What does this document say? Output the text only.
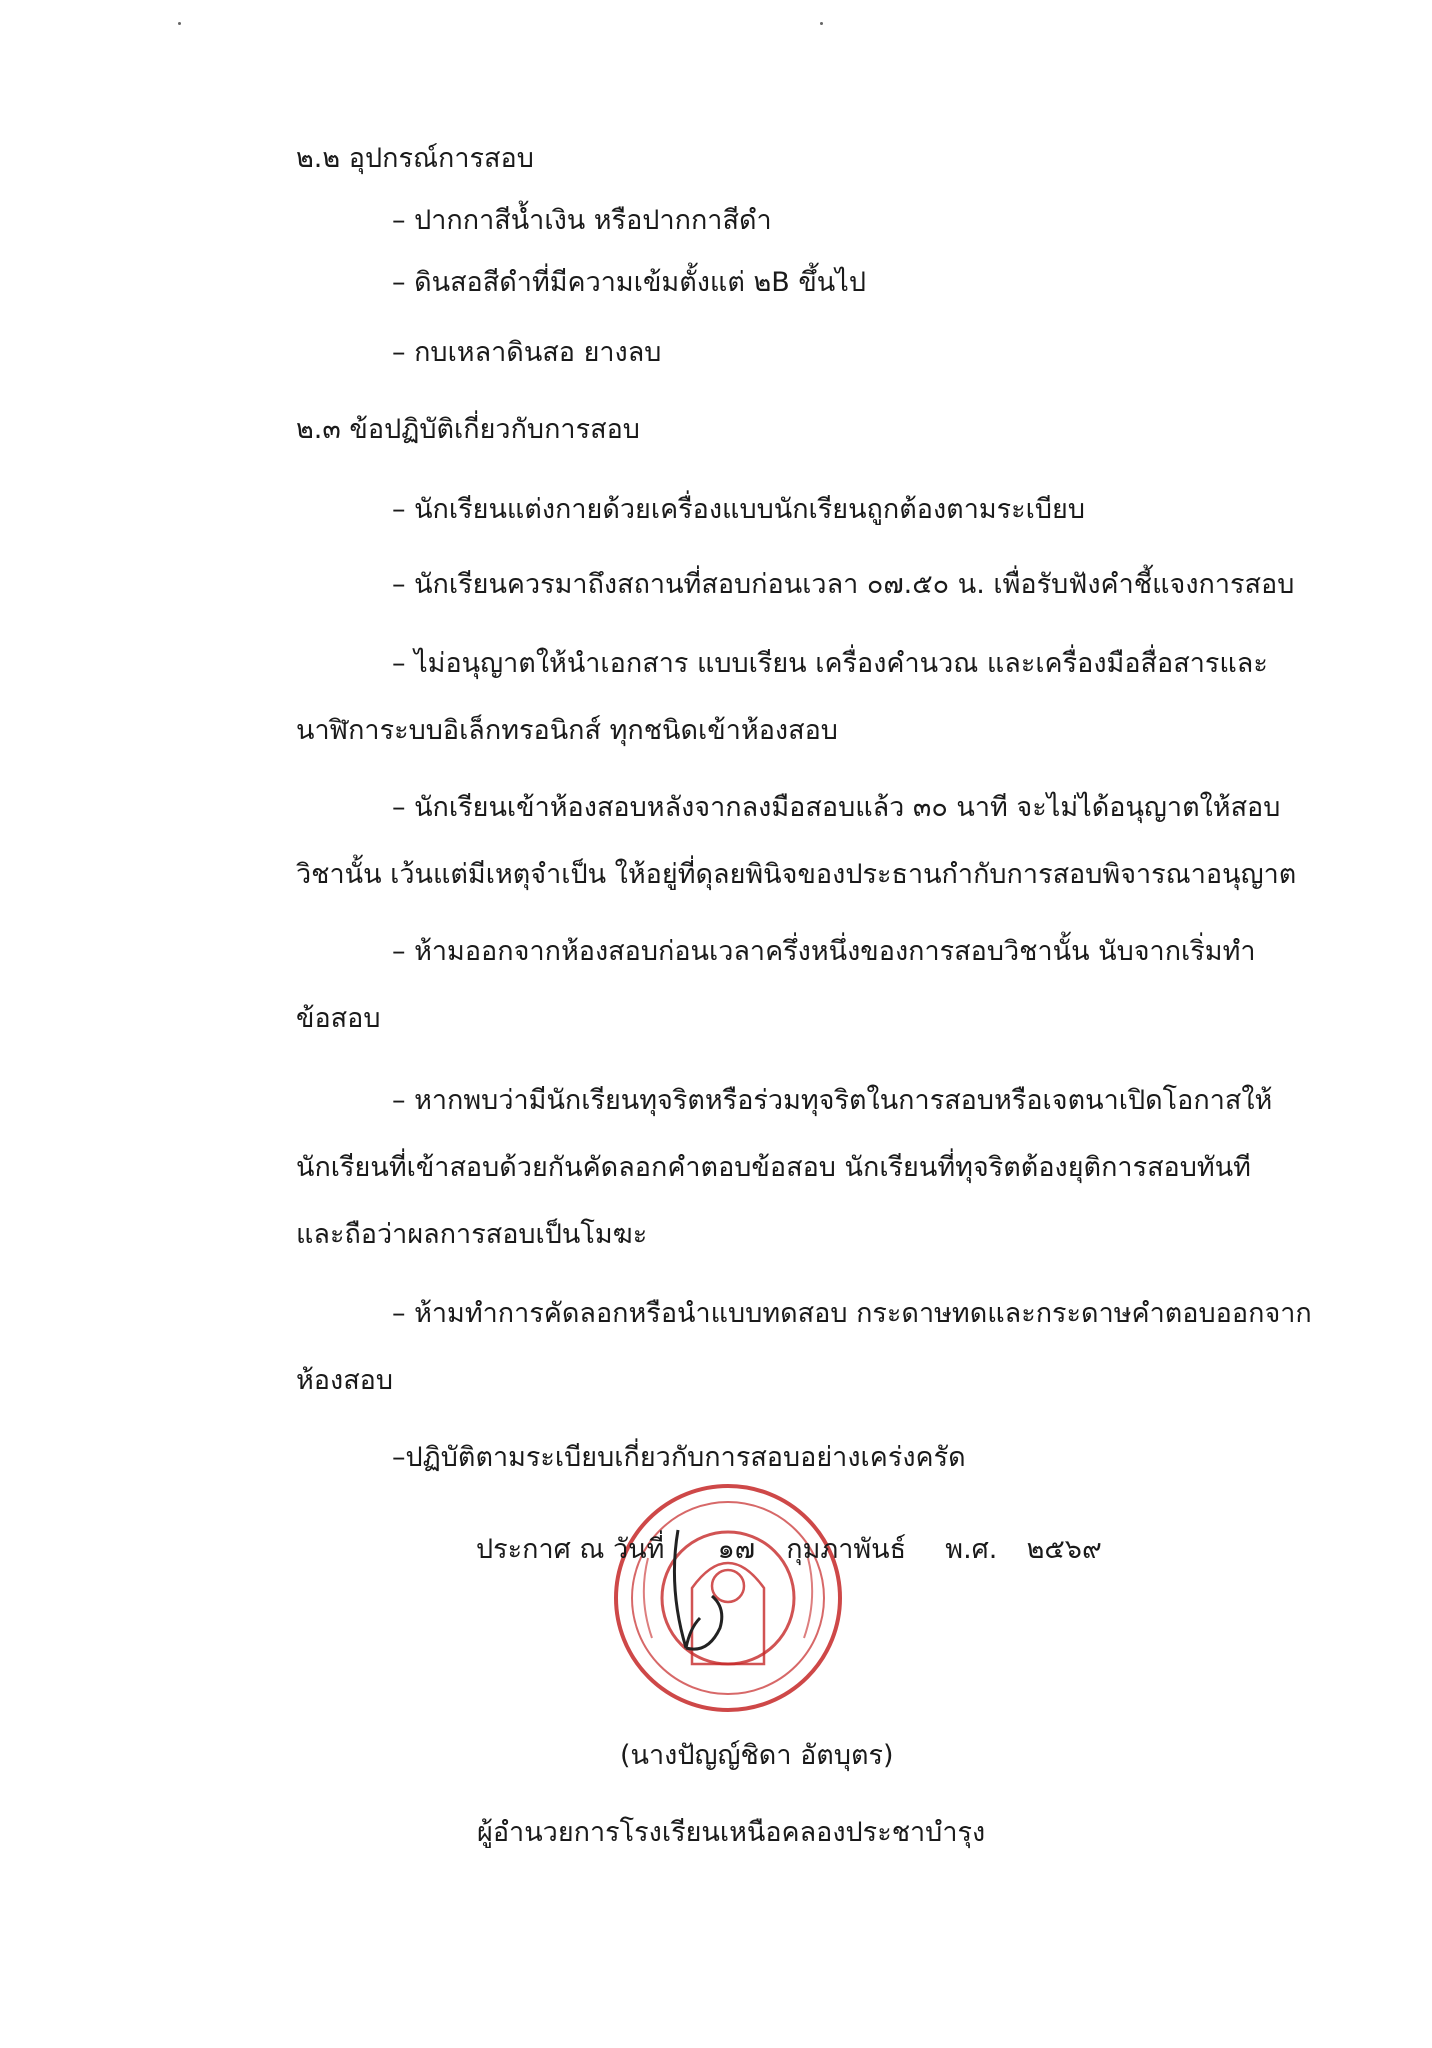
๒.๒ อุปกรณ์การสอบ
– ปากกาสีน้ำเงิน หรือปากกาสีดำ
– ดินสอสีดำที่มีความเข้มตั้งแต่ ๒B ขึ้นไป
– กบเหลาดินสอ ยางลบ
๒.๓ ข้อปฏิบัติเกี่ยวกับการสอบ
– นักเรียนแต่งกายด้วยเครื่องแบบนักเรียนถูกต้องตามระเบียบ
– นักเรียนควรมาถึงสถานที่สอบก่อนเวลา ๐๗.๕๐ น. เพื่อรับฟังคำชี้แจงการสอบ
– ไม่อนุญาตให้นำเอกสาร แบบเรียน เครื่องคำนวณ และเครื่องมือสื่อสารและ
นาฬิการะบบอิเล็กทรอนิกส์ ทุกชนิดเข้าห้องสอบ
– นักเรียนเข้าห้องสอบหลังจากลงมือสอบแล้ว ๓๐ นาที จะไม่ได้อนุญาตให้สอบ
วิชานั้น เว้นแต่มีเหตุจำเป็น ให้อยู่ที่ดุลยพินิจของประธานกำกับการสอบพิจารณาอนุญาต
– ห้ามออกจากห้องสอบก่อนเวลาครึ่งหนึ่งของการสอบวิชานั้น นับจากเริ่มทำ
ข้อสอบ
– หากพบว่ามีนักเรียนทุจริตหรือร่วมทุจริตในการสอบหรือเจตนาเปิดโอกาสให้
นักเรียนที่เข้าสอบด้วยกันคัดลอกคำตอบข้อสอบ นักเรียนที่ทุจริตต้องยุติการสอบทันที
และถือว่าผลการสอบเป็นโมฆะ
– ห้ามทำการคัดลอกหรือนำแบบทดสอบ กระดาษทดและกระดาษคำตอบออกจาก
ห้องสอบ
–ปฏิบัติตามระเบียบเกี่ยวกับการสอบอย่างเคร่งครัด
ประกาศ ณ วันที่ ๑๗ กุมภาพันธ์ พ.ศ. ๒๕๖๙
(นางปัญญ์ชิดา อัตบุตร)
ผู้อำนวยการโรงเรียนเหนือคลองประชาบำรุง
